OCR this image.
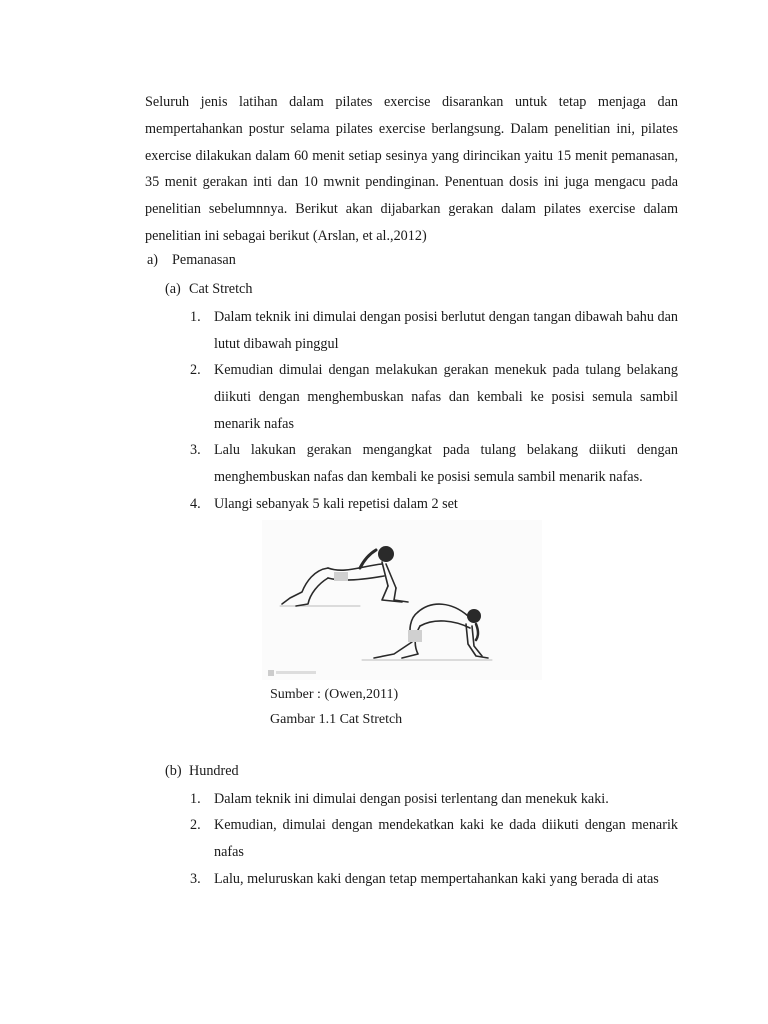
Seluruh jenis latihan dalam pilates exercise disarankan untuk tetap menjaga dan mempertahankan postur selama pilates exercise berlangsung. Dalam penelitian ini, pilates exercise dilakukan dalam 60 menit setiap sesinya yang dirincikan yaitu 15 menit pemanasan, 35 menit gerakan inti dan 10 mwnit pendinginan. Penentuan dosis ini juga mengacu pada penelitian sebelumnnya. Berikut akan dijabarkan gerakan dalam pilates exercise dalam penelitian ini sebagai berikut (Arslan, et al.,2012)

a) Pemanasan

(a) Cat Stretch

1. Dalam teknik ini dimulai dengan posisi berlutut dengan tangan dibawah bahu dan lutut dibawah pinggul
2. Kemudian dimulai dengan melakukan gerakan menekuk pada tulang belakang diikuti dengan menghembuskan nafas dan kembali ke posisi semula sambil menarik nafas
3. Lalu lakukan gerakan mengangkat pada tulang belakang diikuti dengan menghembuskan nafas dan kembali ke posisi semula sambil menarik nafas.
4. Ulangi sebanyak 5 kali repetisi dalam 2 set

Sumber : (Owen,2011)

Gambar 1.1 Cat Stretch

(b) Hundred

1. Dalam teknik ini dimulai dengan posisi terlentang dan menekuk kaki.
2. Kemudian, dimulai dengan mendekatkan kaki ke dada diikuti dengan menarik nafas
3. Lalu, meluruskan kaki dengan tetap mempertahankan kaki yang berada di atas
